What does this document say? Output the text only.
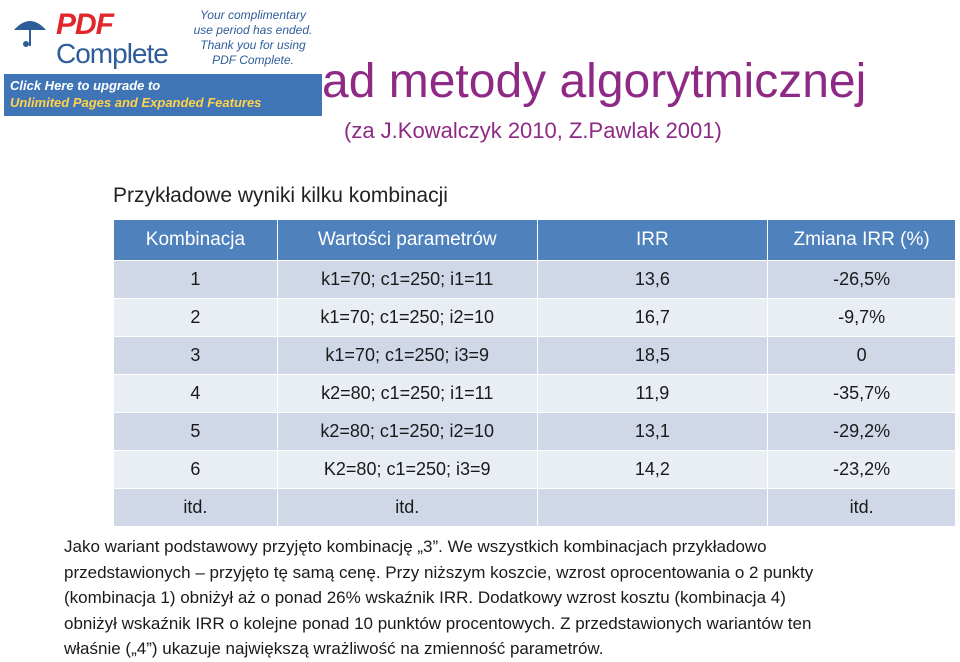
PDF
Complete
Your complimentary
use period has ended.
Thank you for using
PDF Complete.
Click Here to upgrade to
Unlimited Pages and Expanded Features ad metody algorytmicznej
(za J.Kowalczyk 2010, Z.Pawlak 2001)
Przykładowe wyniki kilku kombinacji
Kombinacja	Wartości parametrów	IRR	Zmiana IRR (%)
1	k1=70; c1=250; i1=11	13,6	-26,5%
2	k1=70; c1=250; i2=10	16,7	-9,7%
3	k1=70; c1=250; i3=9	18,5	0
4	k2=80; c1=250; i1=11	11,9	-35,7%
5	k2=80; c1=250; i2=10	13,1	-29,2%
6	K2=80; c1=250; i3=9	14,2	-23,2%
itd.	itd.		itd.
Jako wariant podstawowy przyjęto kombinację „3”. We wszystkich kombinacjach przykładowo
przedstawionych – przyjęto tę samą cenę. Przy niższym koszcie, wzrost oprocentowania o 2 punkty
(kombinacja 1) obniżył aż o ponad 26% wskaźnik IRR. Dodatkowy wzrost kosztu (kombinacja 4)
obniżył wskaźnik IRR o kolejne ponad 10 punktów procentowych. Z przedstawionych wariantów ten
właśnie („4”) ukazuje największą wrażliwość na zmienność parametrów.
